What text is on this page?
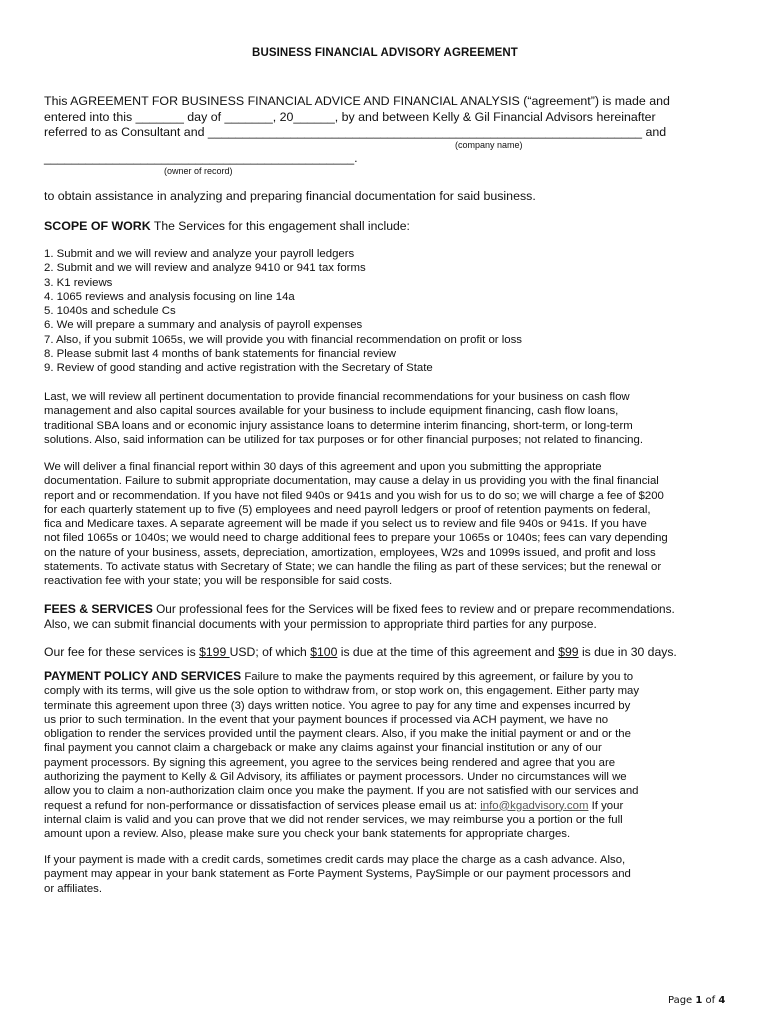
BUSINESS FINANCIAL ADVISORY AGREEMENT
This AGREEMENT FOR BUSINESS FINANCIAL ADVICE AND FINANCIAL ANALYSIS (“agreement”) is made and
entered into this _______ day of _______, 20______, by and between Kelly & Gil Financial Advisors hereinafter
referred to as Consultant and _______________________________________________________________ and
(company name)
_____________________________________________.
(owner of record)
to obtain assistance in analyzing and preparing financial documentation for said business.
SCOPE OF WORK The Services for this engagement shall include:
1. Submit and we will review and analyze your payroll ledgers
2. Submit and we will review and analyze 9410 or 941 tax forms
3. K1 reviews
4. 1065 reviews and analysis focusing on line 14a
5. 1040s and schedule Cs
6. We will prepare a summary and analysis of payroll expenses
7. Also, if you submit 1065s, we will provide you with financial recommendation on profit or loss
8. Please submit last 4 months of bank statements for financial review
9. Review of good standing and active registration with the Secretary of State
Last, we will review all pertinent documentation to provide financial recommendations for your business on cash flow
management and also capital sources available for your business to include equipment financing, cash flow loans,
traditional SBA loans and or economic injury assistance loans to determine interim financing, short-term, or long-term
solutions. Also, said information can be utilized for tax purposes or for other financial purposes; not related to financing.
We will deliver a final financial report within 30 days of this agreement and upon you submitting the appropriate
documentation. Failure to submit appropriate documentation, may cause a delay in us providing you with the final financial
report and or recommendation. If you have not filed 940s or 941s and you wish for us to do so; we will charge a fee of $200
for each quarterly statement up to five (5) employees and need payroll ledgers or proof of retention payments on federal,
fica and Medicare taxes. A separate agreement will be made if you select us to review and file 940s or 941s. If you have
not filed 1065s or 1040s; we would need to charge additional fees to prepare your 1065s or 1040s; fees can vary depending
on the nature of your business, assets, depreciation, amortization, employees, W2s and 1099s issued, and profit and loss
statements. To activate status with Secretary of State; we can handle the filing as part of these services; but the renewal or
reactivation fee with your state; you will be responsible for said costs.
FEES & SERVICES Our professional fees for the Services will be fixed fees to review and or prepare recommendations.
Also, we can submit financial documents with your permission to appropriate third parties for any purpose.
Our fee for these services is $199 USD; of which $100 is due at the time of this agreement and $99 is due in 30 days.
PAYMENT POLICY AND SERVICES Failure to make the payments required by this agreement, or failure by you to
comply with its terms, will give us the sole option to withdraw from, or stop work on, this engagement. Either party may
terminate this agreement upon three (3) days written notice. You agree to pay for any time and expenses incurred by
us prior to such termination. In the event that your payment bounces if processed via ACH payment, we have no
obligation to render the services provided until the payment clears. Also, if you make the initial payment or and or the
final payment you cannot claim a chargeback or make any claims against your financial institution or any of our
payment processors. By signing this agreement, you agree to the services being rendered and agree that you are
authorizing the payment to Kelly & Gil Advisory, its affiliates or payment processors. Under no circumstances will we
allow you to claim a non-authorization claim once you make the payment. If you are not satisfied with our services and
request a refund for non-performance or dissatisfaction of services please email us at: info@kgadvisory.com If your
internal claim is valid and you can prove that we did not render services, we may reimburse you a portion or the full
amount upon a review. Also, please make sure you check your bank statements for appropriate charges.
If your payment is made with a credit cards, sometimes credit cards may place the charge as a cash advance. Also,
payment may appear in your bank statement as Forte Payment Systems, PaySimple or our payment processors and
or affiliates.
Page 1 of 4
